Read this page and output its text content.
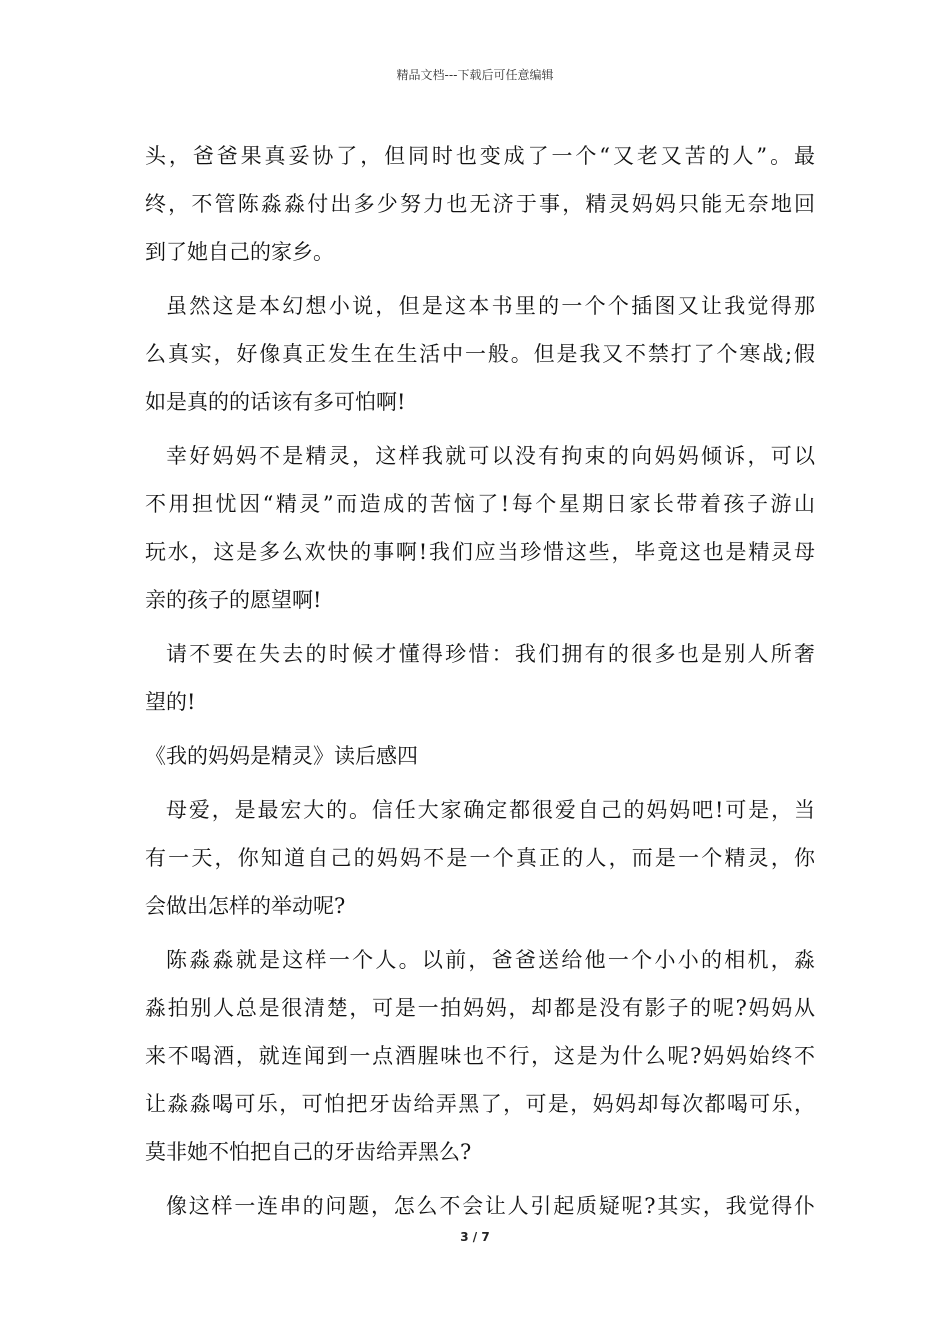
精品文档---下载后可任意编辑
头，爸爸果真妥协了，但同时也变成了一个“又老又苦的人”。最
终，不管陈淼淼付出多少努力也无济于事，精灵妈妈只能无奈地回
到了她自己的家乡。
虽然这是本幻想小说，但是这本书里的一个个插图又让我觉得那
么真实，好像真正发生在生活中一般。但是我又不禁打了个寒战;假
如是真的的话该有多可怕啊!
幸好妈妈不是精灵，这样我就可以没有拘束的向妈妈倾诉，可以
不用担忧因“精灵”而造成的苦恼了!每个星期日家长带着孩子游山
玩水，这是多么欢快的事啊!我们应当珍惜这些，毕竟这也是精灵母
亲的孩子的愿望啊!
请不要在失去的时候才懂得珍惜：我们拥有的很多也是别人所奢
望的!
《我的妈妈是精灵》读后感四
母爱，是最宏大的。信任大家确定都很爱自己的妈妈吧!可是，当
有一天，你知道自己的妈妈不是一个真正的人，而是一个精灵，你
会做出怎样的举动呢?
陈淼淼就是这样一个人。以前，爸爸送给他一个小小的相机，淼
淼拍别人总是很清楚，可是一拍妈妈，却都是没有影子的呢?妈妈从
来不喝酒，就连闻到一点酒腥味也不行，这是为什么呢?妈妈始终不
让淼淼喝可乐，可怕把牙齿给弄黑了，可是，妈妈却每次都喝可乐，
莫非她不怕把自己的牙齿给弄黑么?
像这样一连串的问题，怎么不会让人引起质疑呢?其实，我觉得仆
3 / 7
